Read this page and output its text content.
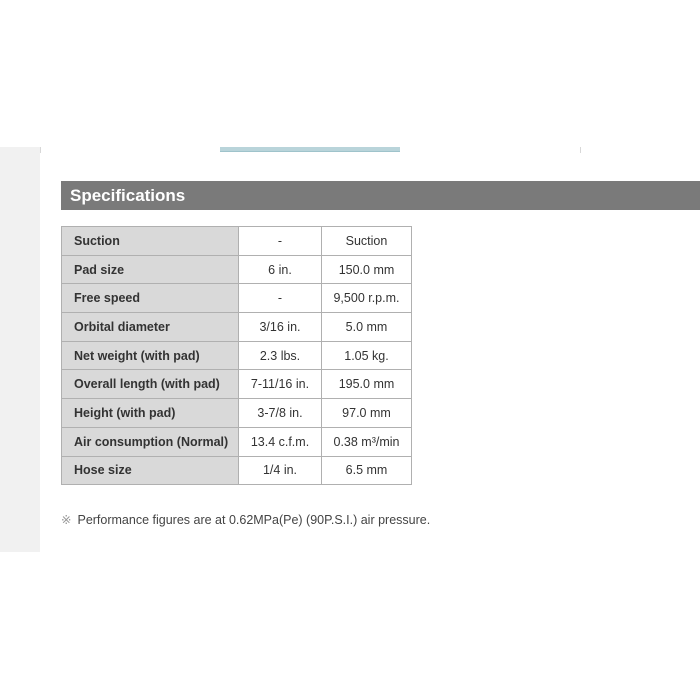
Specifications
Suction	-	Suction
Pad size	6 in.	150.0 mm
Free speed	-	9,500 r.p.m.
Orbital diameter	3/16 in.	5.0 mm
Net weight (with pad)	2.3 lbs.	1.05 kg.
Overall length (with pad)	7-11/16 in.	195.0 mm
Height (with pad)	3-7/8 in.	97.0 mm
Air consumption (Normal)	13.4 c.f.m.	0.38 m³/min
Hose size	1/4 in.	6.5 mm
※ Performance figures are at 0.62MPa(Pe) (90P.S.I.) air pressure.
